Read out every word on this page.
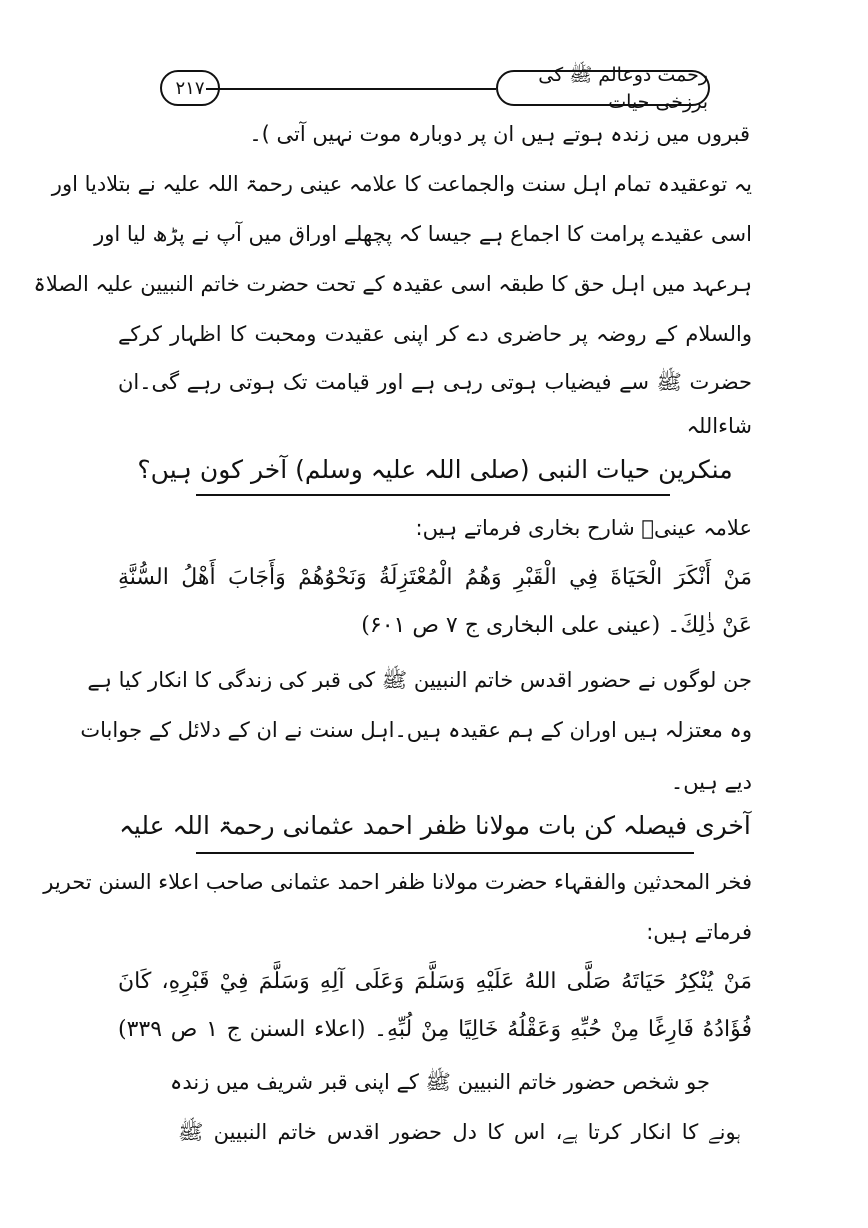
رحمت دوعالم ﷺ کی برزخی حیات
۲۱۷
قبروں میں زندہ ہوتے ہیں ان پر دوبارہ موت نہیں آتی )۔
یہ توعقیدہ تمام اہل سنت والجماعت کا علامہ عینی رحمۃ اللہ علیہ نے بتلادیا اور
اسی عقیدے پرامت کا اجماع ہے جیسا کہ پچھلے اوراق میں آپ نے پڑھ لیا اور
ہرعہد میں اہل حق کا طبقہ اسی عقیدہ کے تحت حضرت خاتم النبیین علیہ الصلاۃ
والسلام کے روضہ پر حاضری دے کر اپنی عقیدت ومحبت کا اظہار کرکے
حضرت ﷺ سے فیضیاب ہوتی رہی ہے اور قیامت تک ہوتی رہے گی۔ان
شاءاللہ
منکرین حیات النبی (صلی اللہ علیہ وسلم) آخر کون ہیں؟
علامہ عینیؒ شارح بخاری فرماتے ہیں:
مَنْ أَنْكَرَ الْحَيَاةَ فِي الْقَبْرِ وَهُمُ الْمُعْتَزِلَةُ وَنَحْوُهُمْ وَأَجَابَ أَهْلُ السُّنَّةِ
عَنْ ذٰلِكَ۔ (عینی علی البخاری ج ۷ ص ۶۰۱)
جن لوگوں نے حضور اقدس خاتم النبیین ﷺ کی قبر کی زندگی کا انکار کیا ہے
وہ معتزلہ ہیں اوران کے ہم عقیدہ ہیں۔اہل سنت نے ان کے دلائل کے جوابات
دیے ہیں۔
آخری فیصلہ کن بات مولانا ظفر احمد عثمانی رحمۃ اللہ علیہ
فخر المحدثین والفقہاء حضرت مولانا ظفر احمد عثمانی صاحب اعلاء السنن تحریر
فرماتے ہیں:
مَنْ يُنْكِرُ حَيَاتَهُ صَلَّى اللهُ عَلَيْهِ وَسَلَّمَ وَعَلَى آلِهِ وَسَلَّمَ فِيْ قَبْرِهِ، كَانَ
فُؤَادُهُ فَارِغًا مِنْ حُبِّهِ وَعَقْلُهُ خَالِيًا مِنْ لُبِّهِ۔ (اعلاء السنن ج ۱ ص ۳۳۹)
جو شخص حضور خاتم النبیین ﷺ کے اپنی قبر شریف میں زندہ
ہونے کا انکار کرتا ہے، اس کا دل حضور اقدس خاتم النبیین ﷺ
